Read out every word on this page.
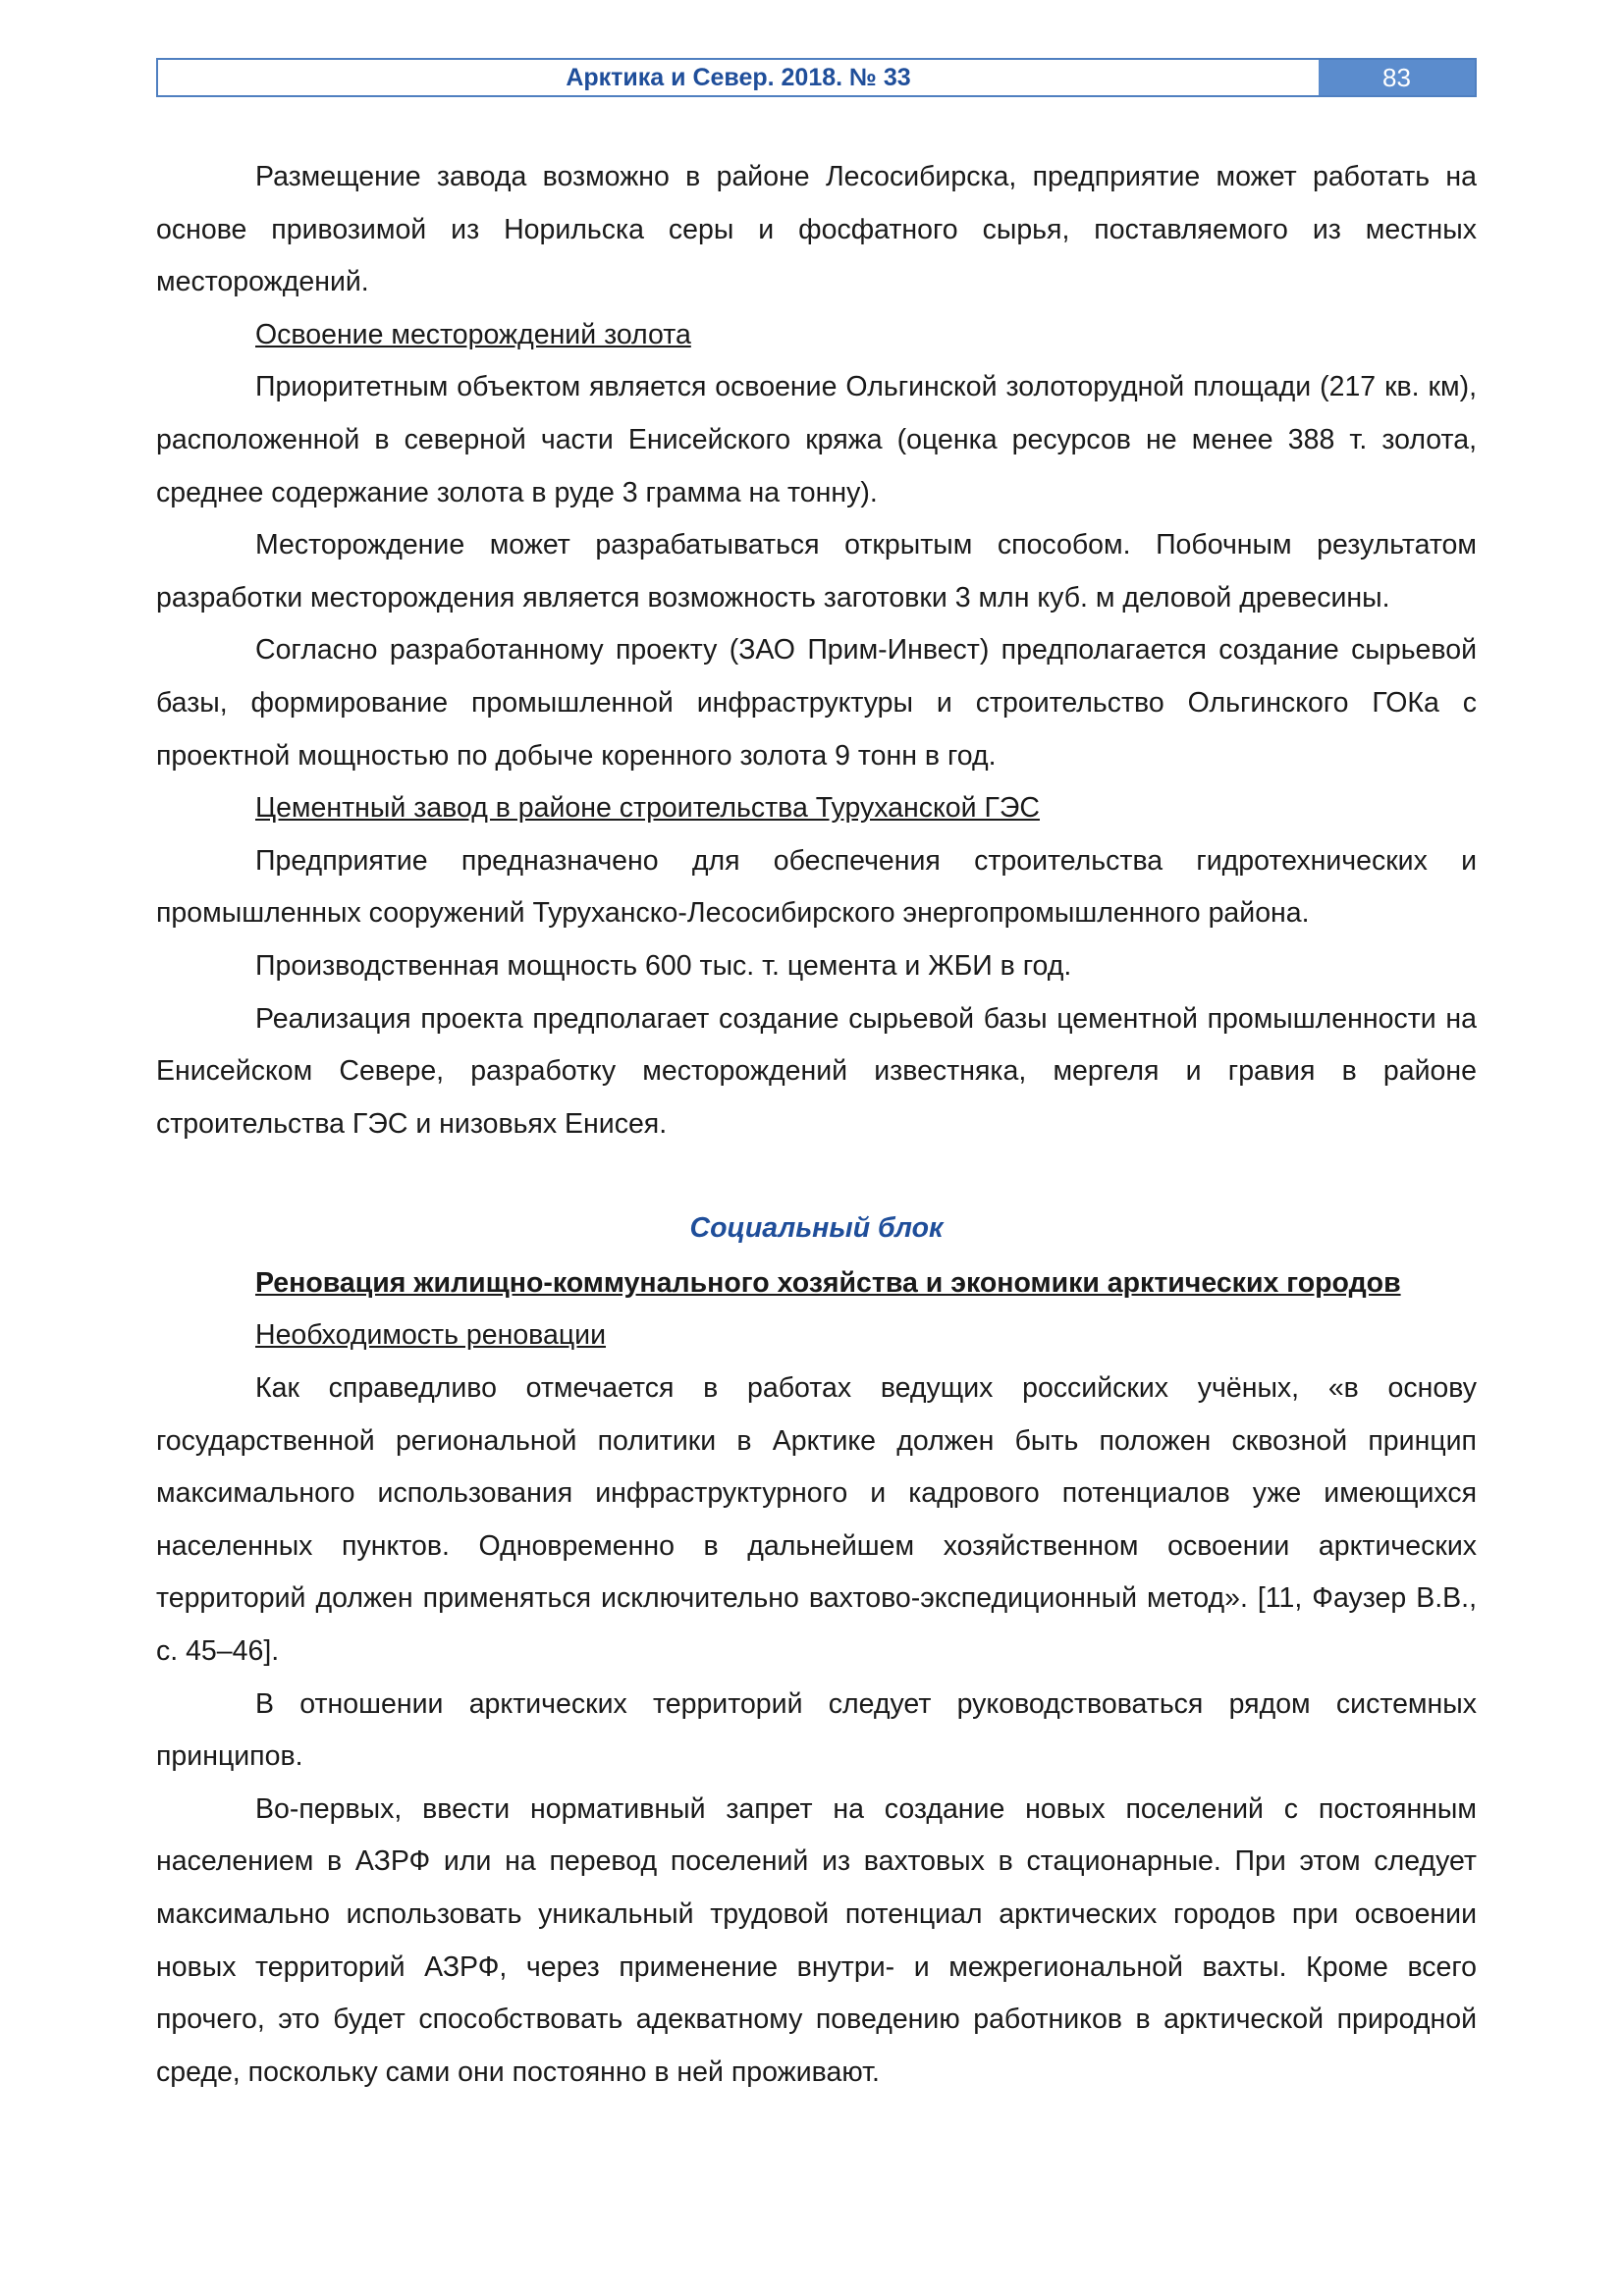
Арктика и Север. 2018. № 33	83

Размещение завода возможно в районе Лесосибирска, предприятие может работать на основе привозимой из Норильска серы и фосфатного сырья, поставляемого из местных месторождений.

Освоение месторождений золота

Приоритетным объектом является освоение Ольгинской золоторудной площади (217 кв. км), расположенной в северной части Енисейского кряжа (оценка ресурсов не менее 388 т. золота, среднее содержание золота в руде 3 грамма на тонну).

Месторождение может разрабатываться открытым способом. Побочным результатом разработки месторождения является возможность заготовки 3 млн куб. м деловой древесины.

Согласно разработанному проекту (ЗАО Прим-Инвест) предполагается создание сырьевой базы, формирование промышленной инфраструктуры и строительство Ольгинского ГОКа с проектной мощностью по добыче коренного золота 9 тонн в год.

Цементный завод в районе строительства Туруханской ГЭС

Предприятие предназначено для обеспечения строительства гидротехнических и промышленных сооружений Туруханско-Лесосибирского энергопромышленного района.

Производственная мощность 600 тыс. т. цемента и ЖБИ в год.

Реализация проекта предполагает создание сырьевой базы цементной промышленности на Енисейском Севере, разработку месторождений известняка, мергеля и гравия в районе строительства ГЭС и низовьях Енисея.

Социальный блок

Реновация жилищно-коммунального хозяйства и экономики арктических городов

Необходимость реновации

Как справедливо отмечается в работах ведущих российских учёных, «в основу государственной региональной политики в Арктике должен быть положен сквозной принцип максимального использования инфраструктурного и кадрового потенциалов уже имеющихся населенных пунктов. Одновременно в дальнейшем хозяйственном освоении арктических территорий должен применяться исключительно вахтово-экспедиционный метод». [11, Фаузер В.В., с. 45–46].

В отношении арктических территорий следует руководствоваться рядом системных принципов.

Во-первых, ввести нормативный запрет на создание новых поселений с постоянным населением в АЗРФ или на перевод поселений из вахтовых в стационарные. При этом следует максимально использовать уникальный трудовой потенциал арктических городов при освоении новых территорий АЗРФ, через применение внутри- и межрегиональной вахты. Кроме всего прочего, это будет способствовать адекватному поведению работников в арктической природной среде, поскольку сами они постоянно в ней проживают.
